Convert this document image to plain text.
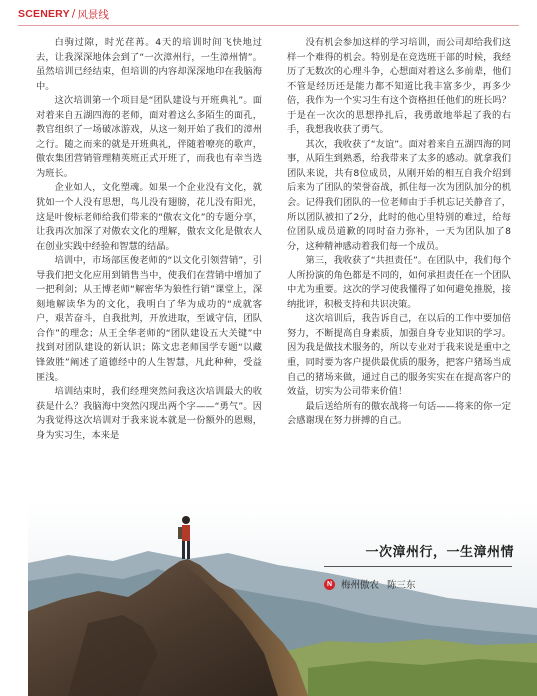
SCENERY / 风景线

白驹过隙，时光荏苒。4天的培训时间飞快地过去，让我深深地体会到了“一次漳州行，一生漳州情”。虽然培训已经结束，但培训的内容却深深地印在我脑海中。

这次培训第一个项目是“团队建设与开班典礼”。面对着来自五湖四海的老师，面对着这么多陌生的面孔，教官组织了一场破冰游戏，从这一刻开始了我们的漳州之行。随之而来的就是开班典礼，伴随着嘹亮的歌声，傲农集团营销管理精英班正式开班了，而我也有幸当选为班长。

企业如人，文化塑魂。如果一个企业没有文化，就犹如一个人没有思想，鸟儿没有翅膀，花儿没有阳光，这是叶俊标老师给我们带来的“傲农文化”的专题分享，让我再次加深了对傲农文化的理解，傲农文化是傲农人在创业实践中经验和智慧的结晶。

培训中，市场部匡俊老师的“以文化引领营销”，引导我们把文化应用到销售当中，使我们在营销中增加了一把利剑；从王博老师“解密华为狼性行销”课堂上，深刻地解读华为的文化，我明白了华为成功的“成就客户，艰苦奋斗，自我批判，开放进取，至诚守信，团队合作”的理念；从王全华老师的“团队建设五大关键”中找到对团队建设的新认识；陈文忠老师国学专题“以藏锋敛胜”阐述了道德经中的人生智慧，凡此种种，受益匪浅。

培训结束时，我们经理突然问我这次培训最大的收获是什么？我脑海中突然闪现出两个字——“勇气”。因为我觉得这次培训对于我来说本就是一份额外的恩赐，身为实习生，本来是

没有机会参加这样的学习培训，而公司却给我们这样一个难得的机会。特别是在竞选班干部的时候，我经历了无数次的心理斗争，心想面对着这么多前辈，他们不管是经历还是能力都不知道比我丰富多少，再多少倍，我作为一个实习生有这个资格担任他们的班长吗？于是在一次次的思想挣扎后，我勇敢地举起了我的右手，我想我收获了勇气。

其次，我收获了“友谊”。面对着来自五湖四海的同事，从陌生到熟悉，给我带来了太多的感动。就拿我们团队来说，共有8位成员，从刚开始的相互自我介绍到后来为了团队的荣誉奋战，抓住每一次为团队加分的机会。记得我们团队的一位老师由于手机忘记关静音了，所以团队被扣了2分，此时的他心里特别的难过，给每位团队成员道歉的同时奋力弥补，一天为团队加了8分，这种精神感动着我们每一个成员。

第三，我收获了“共担责任”。在团队中，我们每个人所扮演的角色都是不同的，如何承担责任在一个团队中尤为重要。这次的学习使我懂得了如何避免推脱，接纳批评，积极支持和共识决策。

这次培训后，我告诉自己，在以后的工作中要加倍努力，不断提高自身素质，加强自身专业知识的学习。因为我是做技术服务的，所以专业对于我来说是重中之重，同时要为客户提供最优质的服务，把客户猪场当成自己的猪场来做，通过自己的服务实实在在提高客户的效益，切实为公司带来价值！

最后送给所有的傲农战将一句话——将来的你一定会感谢现在努力拼搏的自己。

一次漳州行，一生漳州情
N 梅州傲农 陈三东
